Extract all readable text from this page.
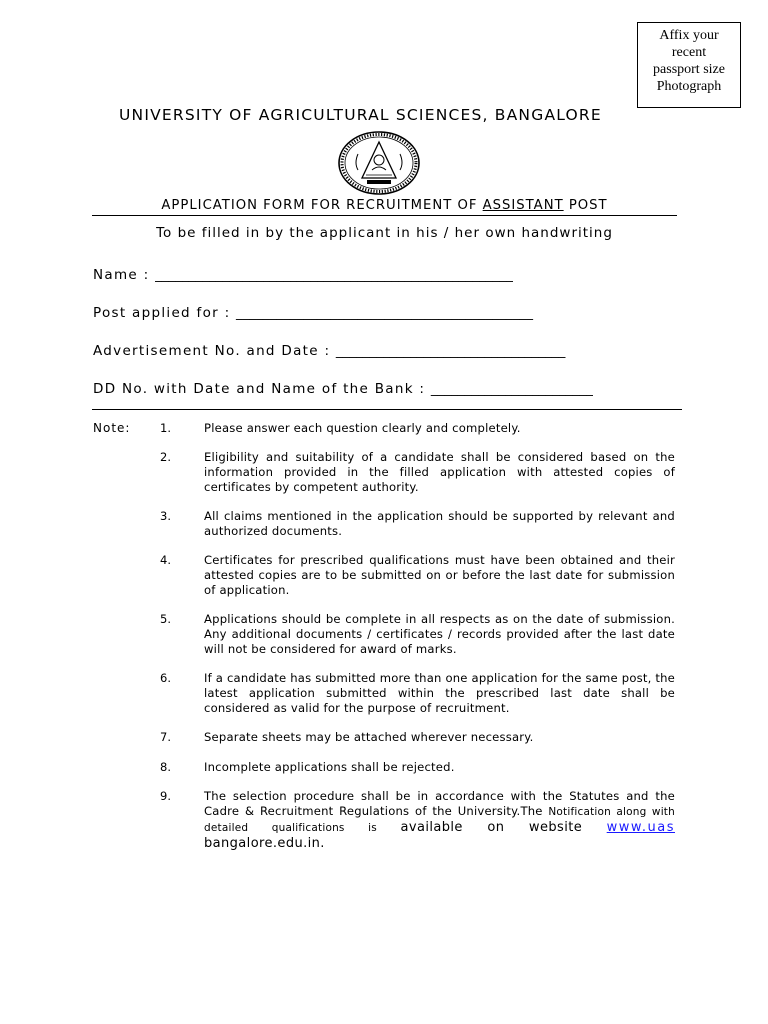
Affix your
recent
passport size
Photograph
UNIVERSITY OF AGRICULTURAL SCIENCES, BANGALORE
APPLICATION FORM FOR RECRUITMENT OF ASSISTANT POST
To be filled in by the applicant in his / her own handwriting
Name : _____________________________________________________
Post applied for : ____________________________________________
Advertisement No. and Date : __________________________________
DD No. with Date and Name of the Bank : ________________________
Note:	1.	Please answer each question clearly and completely.
2.	Eligibility and suitability of a candidate shall be considered based on the information provided in the filled application with attested copies of certificates by competent authority.
3.	All claims mentioned in the application should be supported by relevant and authorized documents.
4.	Certificates for prescribed qualifications must have been obtained and their attested copies are to be submitted on or before the last date for submission of application.
5.	Applications should be complete in all respects as on the date of submission. Any additional documents / certificates / records provided after the last date will not be considered for award of marks.
6.	If a candidate has submitted more than one application for the same post, the latest application submitted within the prescribed last date shall be considered as valid for the purpose of recruitment.
7.	Separate sheets may be attached wherever necessary.
8.	Incomplete applications shall be rejected.
9.	The selection procedure shall be in accordance with the Statutes and the Cadre & Recruitment Regulations of the University.The Notification along with detailed qualifications is available on website www.uas bangalore.edu.in.
